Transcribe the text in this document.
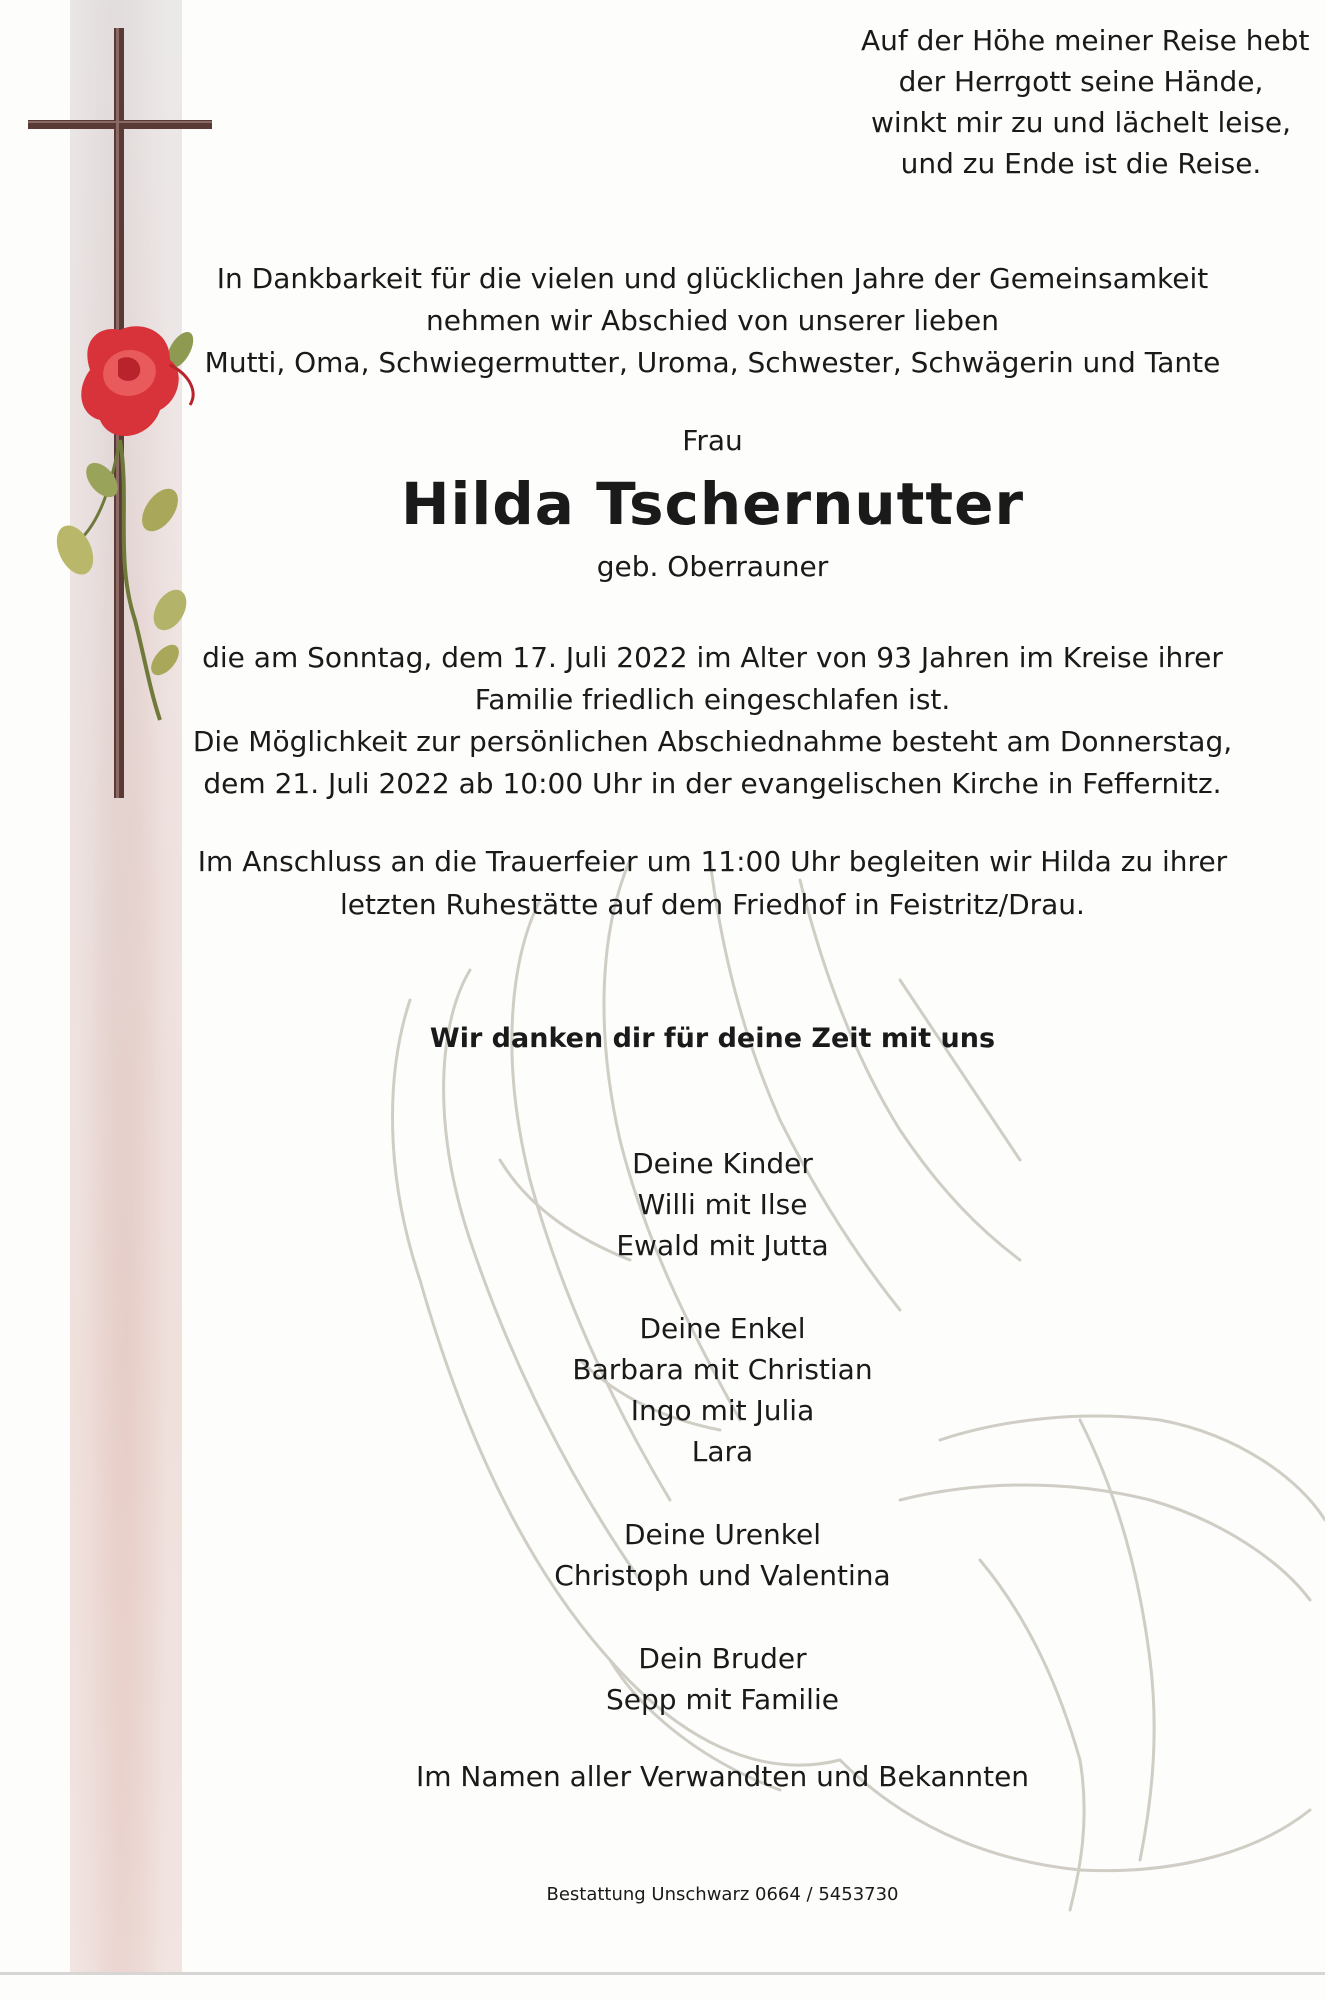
Auf der Höhe meiner Reise hebt
der Herrgott seine Hände,
winkt mir zu und lächelt leise,
und zu Ende ist die Reise.
In Dankbarkeit für die vielen und glücklichen Jahre der Gemeinsamkeit
nehmen wir Abschied von unserer lieben
Mutti, Oma, Schwiegermutter, Uroma, Schwester, Schwägerin und Tante
Frau
Hilda Tschernutter
geb. Oberrauner
die am Sonntag, dem 17. Juli 2022 im Alter von 93 Jahren im Kreise ihrer
Familie friedlich eingeschlafen ist.
Die Möglichkeit zur persönlichen Abschiednahme besteht am Donnerstag,
dem 21. Juli 2022 ab 10:00 Uhr in der evangelischen Kirche in Feffernitz.
Im Anschluss an die Trauerfeier um 11:00 Uhr begleiten wir Hilda zu ihrer
letzten Ruhestätte auf dem Friedhof in Feistritz/Drau.
Wir danken dir für deine Zeit mit uns
Deine Kinder
Willi mit Ilse
Ewald mit Jutta
Deine Enkel
Barbara mit Christian
Ingo mit Julia
Lara
Deine Urenkel
Christoph und Valentina
Dein Bruder
Sepp mit Familie
Im Namen aller Verwandten und Bekannten
Bestattung Unschwarz 0664 / 5453730
